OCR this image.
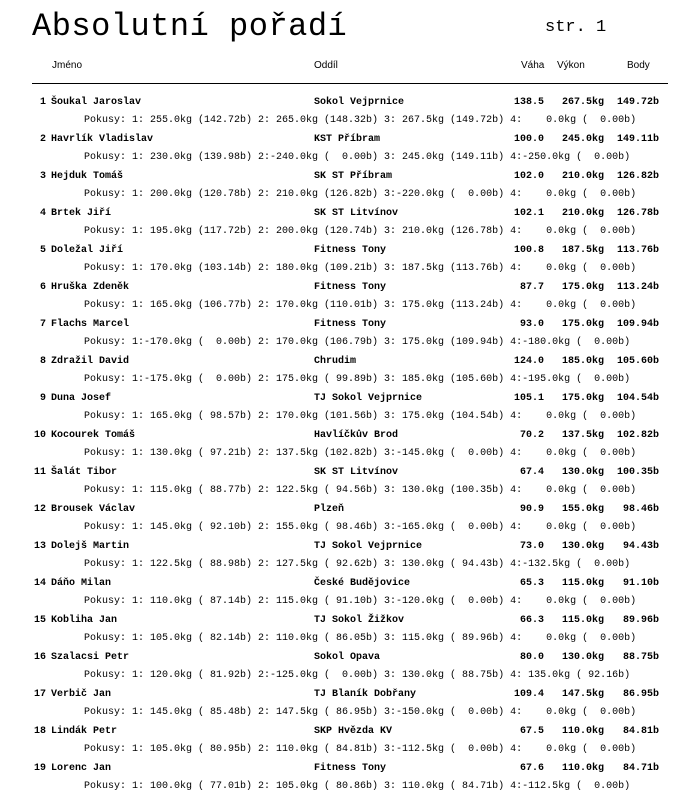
Absolutní pořadí	str. 1
Jméno	Oddíl	Váha Výkon	Body
1 Šoukal Jaroslav	Sokol Vejprnice	138.5 267.5kg 149.72b
Pokusy: 1: 255.0kg (142.72b) 2: 265.0kg (148.32b) 3: 267.5kg (149.72b) 4:    0.0kg (  0.00b)
2 Havrlík Vladislav	KST Příbram	100.0 245.0kg 149.11b
Pokusy: 1: 230.0kg (139.98b) 2:-240.0kg (  0.00b) 3: 245.0kg (149.11b) 4:-250.0kg (  0.00b)
3 Hejduk Tomáš	SK ST Příbram	102.0 210.0kg 126.82b
Pokusy: 1: 200.0kg (120.78b) 2: 210.0kg (126.82b) 3:-220.0kg (  0.00b) 4:    0.0kg (  0.00b)
4 Brtek Jiří	SK ST Litvínov	102.1 210.0kg 126.78b
Pokusy: 1: 195.0kg (117.72b) 2: 200.0kg (120.74b) 3: 210.0kg (126.78b) 4:    0.0kg (  0.00b)
5 Doležal Jiří	Fitness Tony	100.8 187.5kg 113.76b
Pokusy: 1: 170.0kg (103.14b) 2: 180.0kg (109.21b) 3: 187.5kg (113.76b) 4:    0.0kg (  0.00b)
6 Hruška Zdeněk	Fitness Tony	87.7 175.0kg 113.24b
Pokusy: 1: 165.0kg (106.77b) 2: 170.0kg (110.01b) 3: 175.0kg (113.24b) 4:    0.0kg (  0.00b)
7 Flachs Marcel	Fitness Tony	93.0 175.0kg 109.94b
Pokusy: 1:-170.0kg (  0.00b) 2: 170.0kg (106.79b) 3: 175.0kg (109.94b) 4:-180.0kg (  0.00b)
8 Zdražil David	Chrudim	124.0 185.0kg 105.60b
Pokusy: 1:-175.0kg (  0.00b) 2: 175.0kg ( 99.89b) 3: 185.0kg (105.60b) 4:-195.0kg (  0.00b)
9 Duna Josef	TJ Sokol Vejprnice	105.1 175.0kg 104.54b
Pokusy: 1: 165.0kg ( 98.57b) 2: 170.0kg (101.56b) 3: 175.0kg (104.54b) 4:    0.0kg (  0.00b)
10 Kocourek Tomáš	Havlíčkův Brod	70.2 137.5kg 102.82b
Pokusy: 1: 130.0kg ( 97.21b) 2: 137.5kg (102.82b) 3:-145.0kg (  0.00b) 4:    0.0kg (  0.00b)
11 Šalát Tibor	SK ST Litvínov	67.4 130.0kg 100.35b
Pokusy: 1: 115.0kg ( 88.77b) 2: 122.5kg ( 94.56b) 3: 130.0kg (100.35b) 4:    0.0kg (  0.00b)
12 Brousek Václav	Plzeň	90.9 155.0kg 98.46b
Pokusy: 1: 145.0kg ( 92.10b) 2: 155.0kg ( 98.46b) 3:-165.0kg (  0.00b) 4:    0.0kg (  0.00b)
13 Dolejš Martin	TJ Sokol Vejprnice	73.0 130.0kg 94.43b
Pokusy: 1: 122.5kg ( 88.98b) 2: 127.5kg ( 92.62b) 3: 130.0kg ( 94.43b) 4:-132.5kg (  0.00b)
14 Dáňo Milan	České Budějovice	65.3 115.0kg 91.10b
Pokusy: 1: 110.0kg ( 87.14b) 2: 115.0kg ( 91.10b) 3:-120.0kg (  0.00b) 4:    0.0kg (  0.00b)
15 Kobliha Jan	TJ Sokol Žižkov	66.3 115.0kg 89.96b
Pokusy: 1: 105.0kg ( 82.14b) 2: 110.0kg ( 86.05b) 3: 115.0kg ( 89.96b) 4:    0.0kg (  0.00b)
16 Szalacsi Petr	Sokol Opava	80.0 130.0kg 88.75b
Pokusy: 1: 120.0kg ( 81.92b) 2:-125.0kg (  0.00b) 3: 130.0kg ( 88.75b) 4: 135.0kg ( 92.16b)
17 Verbič Jan	TJ Blaník Dobřany	109.4 147.5kg 86.95b
Pokusy: 1: 145.0kg ( 85.48b) 2: 147.5kg ( 86.95b) 3:-150.0kg (  0.00b) 4:    0.0kg (  0.00b)
18 Lindák Petr	SKP Hvězda KV	67.5 110.0kg 84.81b
Pokusy: 1: 105.0kg ( 80.95b) 2: 110.0kg ( 84.81b) 3:-112.5kg (  0.00b) 4:    0.0kg (  0.00b)
19 Lorenc Jan	Fitness Tony	67.6 110.0kg 84.71b
Pokusy: 1: 100.0kg ( 77.01b) 2: 105.0kg ( 80.86b) 3: 110.0kg ( 84.71b) 4:-112.5kg (  0.00b)
